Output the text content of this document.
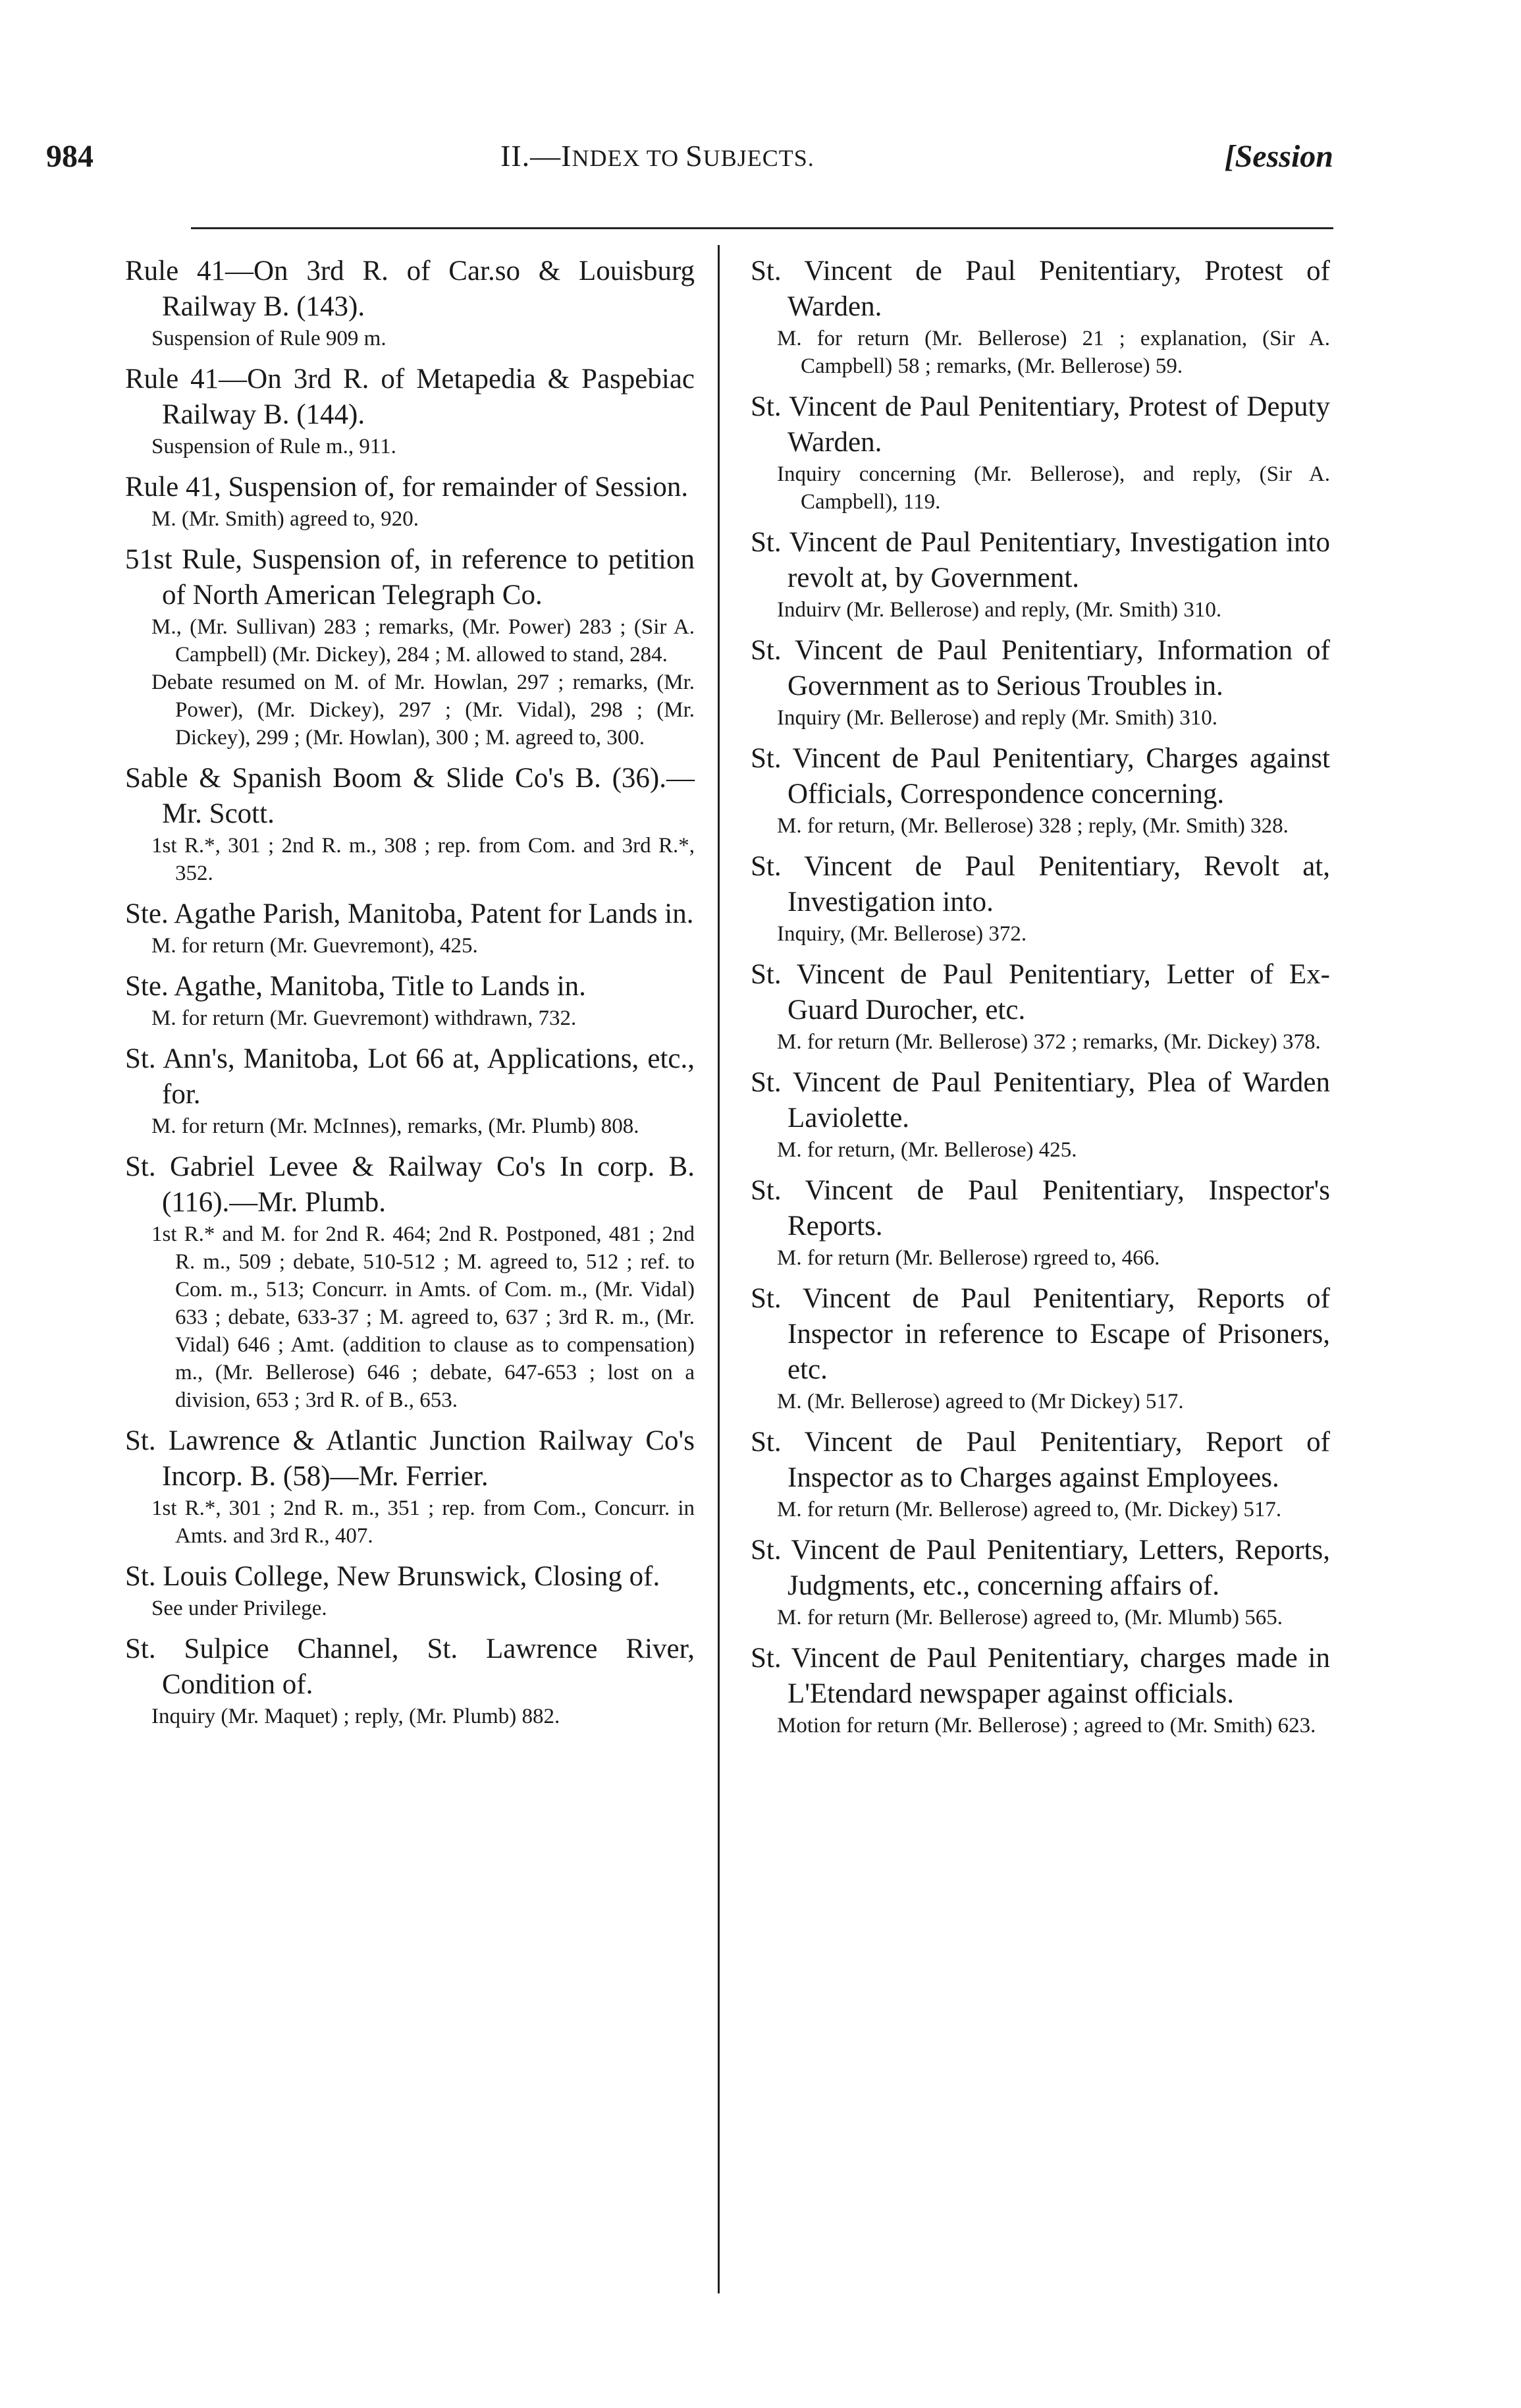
984	II.—INDEX TO SUBJECTS.	[Session
Rule 41—On 3rd R. of Car.so & Louisburg Railway B. (143).
Suspension of Rule 909 m.
Rule 41—On 3rd R. of Metapedia & Paspebiac Railway B. (144).
Suspension of Rule m., 911.
Rule 41, Suspension of, for remainder of Session.
M. (Mr. Smith) agreed to, 920.
51st Rule, Suspension of, in reference to petition of North American Telegraph Co.
M., (Mr. Sullivan) 283 ; remarks, (Mr. Power) 283 ; (Sir A. Campbell) (Mr. Dickey), 284 ; M. allowed to stand, 284.
Debate resumed on M. of Mr. Howlan, 297 ; remarks, (Mr. Power), (Mr. Dickey), 297 ; (Mr. Vidal), 298 ; (Mr. Dickey), 299 ; (Mr. Howlan), 300 ; M. agreed to, 300.
Sable & Spanish Boom & Slide Co's B. (36).—Mr. Scott.
1st R.*, 301 ; 2nd R. m., 308 ; rep. from Com. and 3rd R.*, 352.
Ste. Agathe Parish, Manitoba, Patent for Lands in.
M. for return (Mr. Guevremont), 425.
Ste. Agathe, Manitoba, Title to Lands in.
M. for return (Mr. Guevremont) withdrawn, 732.
St. Ann's, Manitoba, Lot 66 at, Applications, etc., for.
M. for return (Mr. McInnes), remarks, (Mr. Plumb) 808.
St. Gabriel Levee & Railway Co's In corp. B. (116).—Mr. Plumb.
1st R.* and M. for 2nd R. 464; 2nd R. Postponed, 481 ; 2nd R. m., 509 ; debate, 510-512 ; M. agreed to, 512 ; ref. to Com. m., 513; Concurr. in Amts. of Com. m., (Mr. Vidal) 633 ; debate, 633-37 ; M. agreed to, 637 ; 3rd R. m., (Mr. Vidal) 646 ; Amt. (addition to clause as to compensation) m., (Mr. Bellerose) 646 ; debate, 647-653 ; lost on a division, 653 ; 3rd R. of B., 653.
St. Lawrence & Atlantic Junction Railway Co's Incorp. B. (58)—Mr. Ferrier.
1st R.*, 301 ; 2nd R. m., 351 ; rep. from Com., Concurr. in Amts. and 3rd R., 407.
St. Louis College, New Brunswick, Closing of.
See under Privilege.
St. Sulpice Channel, St. Lawrence River, Condition of.
Inquiry (Mr. Maquet) ; reply, (Mr. Plumb) 882.
St. Vincent de Paul Penitentiary, Protest of Warden.
M. for return (Mr. Bellerose) 21 ; explanation, (Sir A. Campbell) 58 ; remarks, (Mr. Bellerose) 59.
St. Vincent de Paul Penitentiary, Protest of Deputy Warden.
Inquiry concerning (Mr. Bellerose), and reply, (Sir A. Campbell), 119.
St. Vincent de Paul Penitentiary, Investigation into revolt at, by Government.
Induirv (Mr. Bellerose) and reply, (Mr. Smith) 310.
St. Vincent de Paul Penitentiary, Information of Government as to Serious Troubles in.
Inquiry (Mr. Bellerose) and reply (Mr. Smith) 310.
St. Vincent de Paul Penitentiary, Charges against Officials, Correspondence concerning.
M. for return, (Mr. Bellerose) 328 ; reply, (Mr. Smith) 328.
St. Vincent de Paul Penitentiary, Revolt at, Investigation into.
Inquiry, (Mr. Bellerose) 372.
St. Vincent de Paul Penitentiary, Letter of Ex-Guard Durocher, etc.
M. for return (Mr. Bellerose) 372 ; remarks, (Mr. Dickey) 378.
St. Vincent de Paul Penitentiary, Plea of Warden Laviolette.
M. for return, (Mr. Bellerose) 425.
St. Vincent de Paul Penitentiary, Inspector's Reports.
M. for return (Mr. Bellerose) rgreed to, 466.
St. Vincent de Paul Penitentiary, Reports of Inspector in reference to Escape of Prisoners, etc.
M. (Mr. Bellerose) agreed to (Mr Dickey) 517.
St. Vincent de Paul Penitentiary, Report of Inspector as to Charges against Employees.
M. for return (Mr. Bellerose) agreed to, (Mr. Dickey) 517.
St. Vincent de Paul Penitentiary, Letters, Reports, Judgments, etc., concerning affairs of.
M. for return (Mr. Bellerose) agreed to, (Mr. Mlumb) 565.
St. Vincent de Paul Penitentiary, charges made in L'Etendard newspaper against officials.
Motion for return (Mr. Bellerose) ; agreed to (Mr. Smith) 623.
